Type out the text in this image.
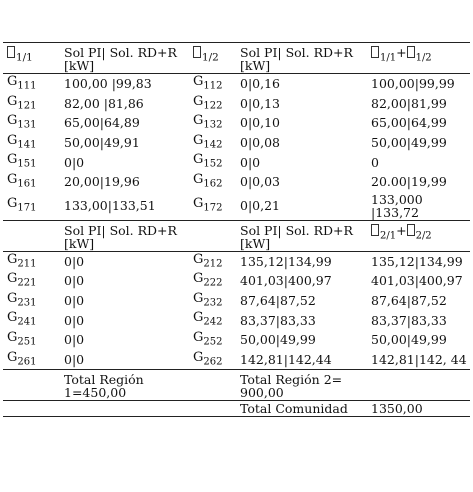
$_{1/1}$	Sol PI| Sol. RD+R [kW]	$_{1/2}$	Sol PI| Sol. RD+R [kW]	$_{1/1}$+ $_{1/2}$
$G_{111}$	100,00 |99,83	$G_{112}$	0|0,16	100,00|99,99
$G_{121}$	82,00 |81,86	$G_{122}$	0|0,13	82,00|81,99
$G_{131}$	65,00|64,89	$G_{132}$	0|0,10	65,00|64,99
$G_{141}$	50,00|49,91	$G_{142}$	0|0,08	50,00|49,99
$G_{151}$	0|0	$G_{152}$	0|0	0
$G_{161}$	20,00|19,96	$G_{162}$	0|0,03	20.00|19,99
$G_{171}$	133,00|133,51	$G_{172}$	0|0,21	133,000 |133,72
	Sol PI| Sol. RD+R [kW]		Sol PI| Sol. RD+R [kW]	$_{2/1}$+ $_{2/2}$
$G_{211}$	0|0	$G_{212}$	135,12|134,99	135,12|134,99
$G_{221}$	0|0	$G_{222}$	401,03|400,97	401,03|400,97
$G_{231}$	0|0	$G_{232}$	87,64|87,52	87,64|87,52
$G_{241}$	0|0	$G_{242}$	83,37|83,33	83,37|83,33
$G_{251}$	0|0	$G_{252}$	50,00|49,99	50,00|49,99
$G_{261}$	0|0	$G_{262}$	142,81|142,44	142,81|142, 44
	Total Región 1=450,00		Total Región 2= 900,00	
			Total Comunidad	1350,00
